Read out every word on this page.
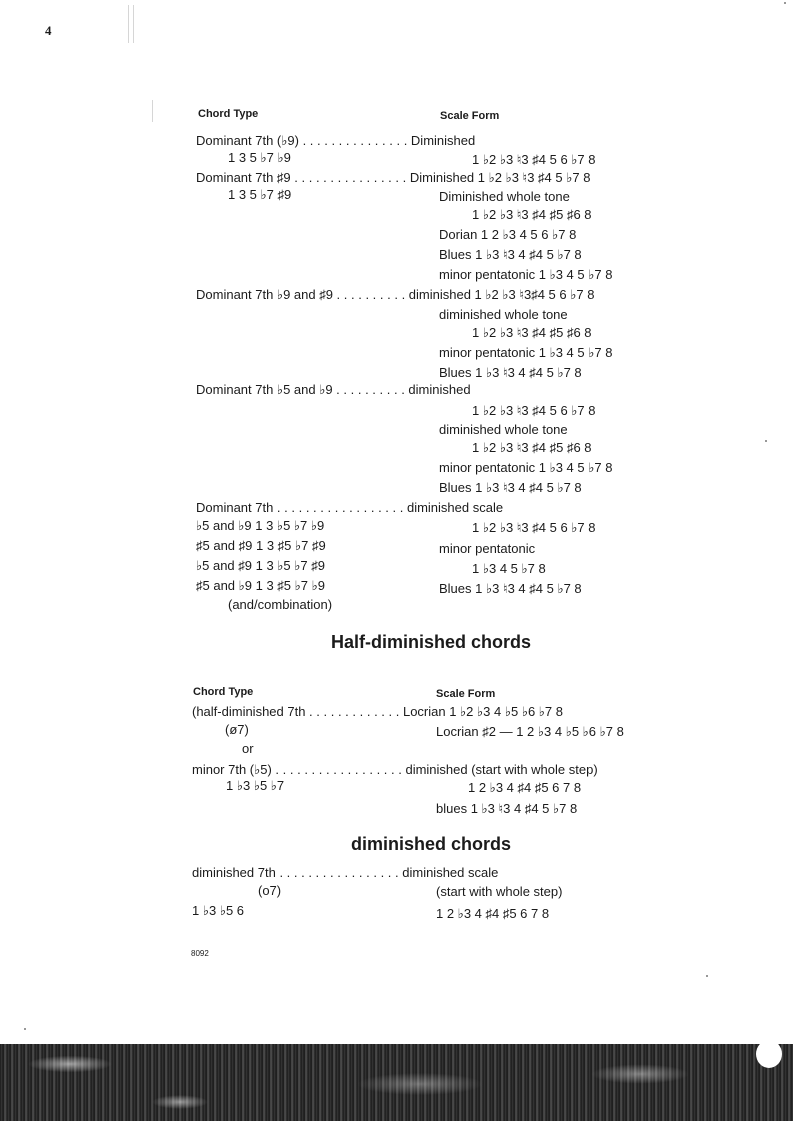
4
Chord Type	Scale Form
Dominant 7th (♭9) . . . . . . . . . . . . . . . Diminished
1 3 5 ♭7 ♭9	1 ♭2 ♭3 ♮3 ♯4 5 6 ♭7 8
Dominant 7th ♯9 . . . . . . . . . . . . . . . . Diminished 1 ♭2 ♭3 ♮3 ♯4 5 ♭7 8
1 3 5 ♭7 ♯9	Diminished whole tone
1 ♭2 ♭3 ♮3 ♯4 ♯5 ♯6 8
Dorian 1 2 ♭3 4 5 6 ♭7 8
Blues 1 ♭3 ♮3 4 ♯4 5 ♭7 8
minor pentatonic 1 ♭3 4 5 ♭7 8
Dominant 7th ♭9 and ♯9 . . . . . . . . . . diminished 1 ♭2 ♭3 ♮3♯4 5 6 ♭7 8
diminished whole tone
1 ♭2 ♭3 ♮3 ♯4 ♯5 ♯6 8
minor pentatonic 1 ♭3 4 5 ♭7 8
Blues 1 ♭3 ♮3 4 ♯4 5 ♭7 8
Dominant 7th ♭5 and ♭9 . . . . . . . . . . diminished
1 ♭2 ♭3 ♮3 ♯4 5 6 ♭7 8
diminished whole tone
1 ♭2 ♭3 ♮3 ♯4 ♯5 ♯6 8
minor pentatonic 1 ♭3 4 5 ♭7 8
Blues 1 ♭3 ♮3 4 ♯4 5 ♭7 8
Dominant 7th . . . . . . . . . . . . . . . . . . diminished scale
♭5 and ♭9 1 3 ♭5 ♭7 ♭9	1 ♭2 ♭3 ♮3 ♯4 5 6 ♭7 8
♯5 and ♯9 1 3 ♯5 ♭7 ♯9	minor pentatonic
♭5 and ♯9 1 3 ♭5 ♭7 ♯9	1 ♭3 4 5 ♭7 8
♯5 and ♭9 1 3 ♯5 ♭7 ♭9	Blues 1 ♭3 ♮3 4 ♯4 5 ♭7 8
(and/combination)
Half-diminished chords
Chord Type	Scale Form
(half-diminished 7th . . . . . . . . . . . . . Locrian 1 ♭2 ♭3 4 ♭5 ♭6 ♭7 8
(ø7)	Locrian ♯2 — 1 2 ♭3 4 ♭5 ♭6 ♭7 8
or
minor 7th (♭5) . . . . . . . . . . . . . . . . . . diminished (start with whole step)
1 ♭3 ♭5 ♭7	1 2 ♭3 4 ♯4 ♯5 6 7 8
blues 1 ♭3 ♮3 4 ♯4 5 ♭7 8
diminished chords
diminished 7th . . . . . . . . . . . . . . . . . diminished scale
(o7)	(start with whole step)
1 ♭3 ♭5 6	1 2 ♭3 4 ♯4 ♯5 6 7 8
8092
